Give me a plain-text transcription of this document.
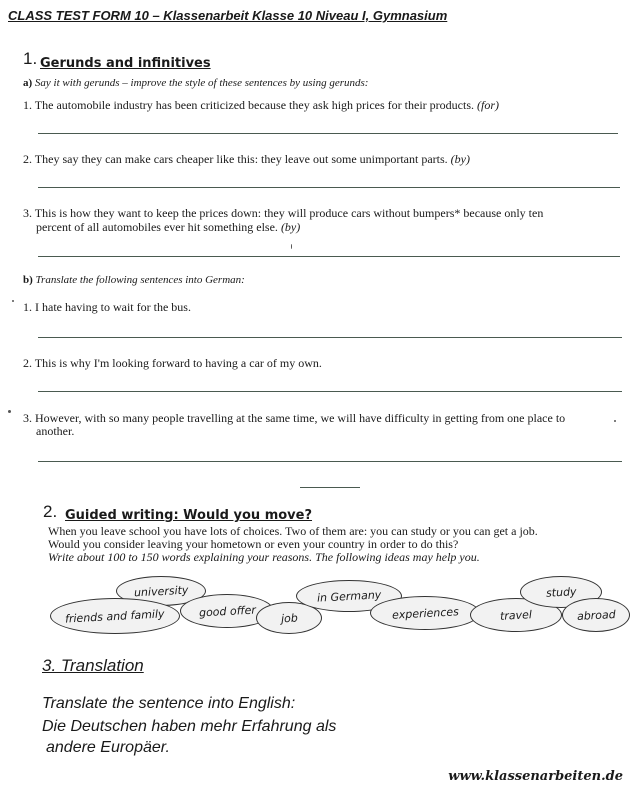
CLASS TEST FORM 10 – Klassenarbeit Klasse 10 Niveau I, Gymnasium
1. Gerunds and infinitives
a) Say it with gerunds – improve the style of these sentences by using gerunds:
1. The automobile industry has been criticized because they ask high prices for their products. (for)
2. They say they can make cars cheaper like this: they leave out some unimportant parts. (by)
3. This is how they want to keep the prices down: they will produce cars without bumpers* because only ten
percent of all automobiles ever hit something else. (by)
b) Translate the following sentences into German:
1. I hate having to wait for the bus.
2. This is why I'm looking forward to having a car of my own.
3. However, with so many people travelling at the same time, we will have difficulty in getting from one place to
another.
2. Guided writing: Would you move?
When you leave school you have lots of choices. Two of them are: you can study or you can get a job.
Would you consider leaving your hometown or even your country in order to do this?
Write about 100 to 150 words explaining your reasons. The following ideas may help you.
university
friends and family	good offer job
in Germany
experiences	travel
study
abroad
3. Translation
Translate the sentence into English:
Die Deutschen haben mehr Erfahrung als
andere Europäer.
www.klassenarbeiten.de
